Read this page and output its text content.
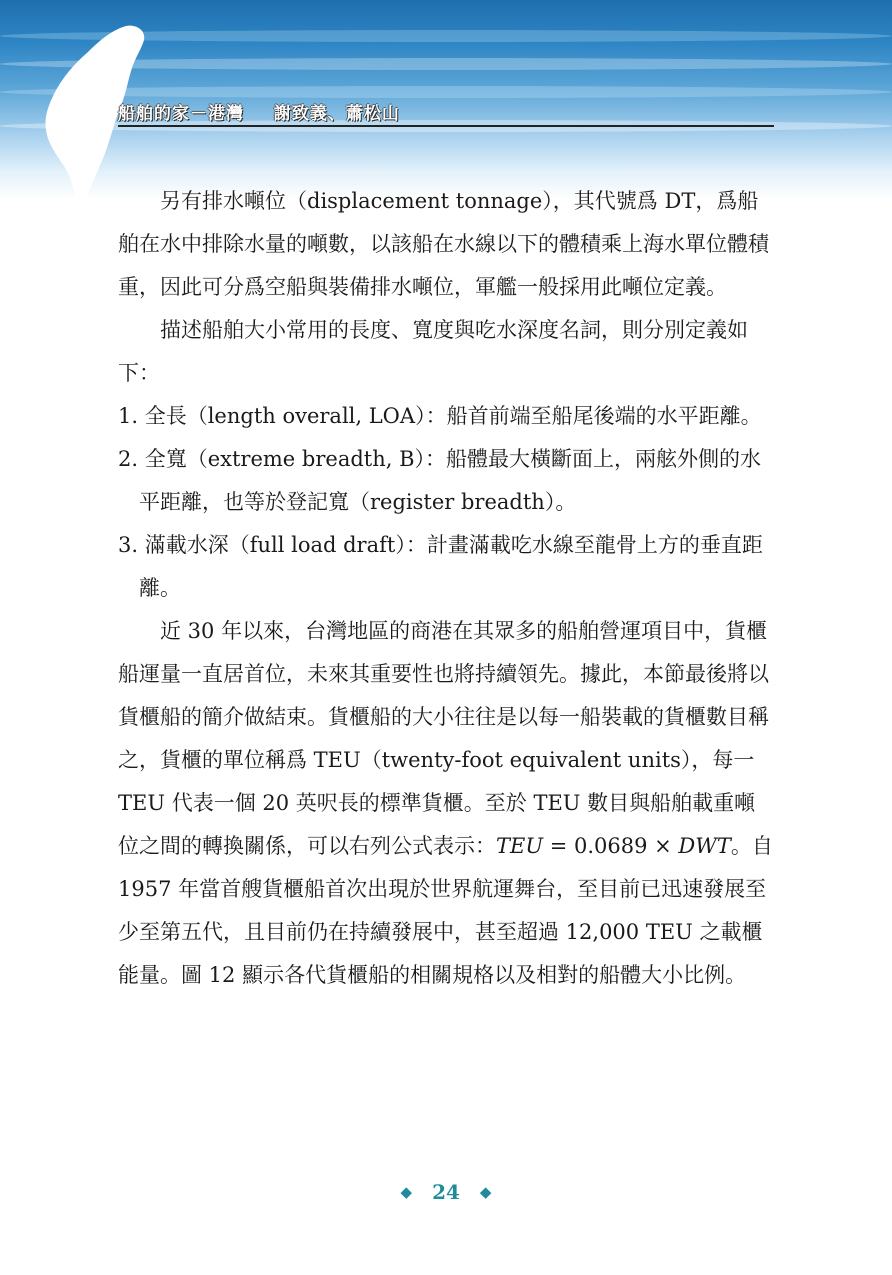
船舶的家－港灣 謝致義、蕭松山

另有排水噸位（displacement tonnage），其代號爲 DT，爲船舶在水中排除水量的噸數，以該船在水線以下的體積乘上海水單位體積重，因此可分爲空船與裝備排水噸位，軍艦一般採用此噸位定義。

描述船舶大小常用的長度、寬度與吃水深度名詞，則分別定義如下：

1. 全長（length overall, LOA）：船首前端至船尾後端的水平距離。

2. 全寬（extreme breadth, B）：船體最大橫斷面上，兩舷外側的水平距離，也等於登記寬（register breadth）。

3. 滿載水深（full load draft）：計畫滿載吃水線至龍骨上方的垂直距離。

近 30 年以來，台灣地區的商港在其眾多的船舶營運項目中，貨櫃船運量一直居首位，未來其重要性也將持續領先。據此，本節最後將以貨櫃船的簡介做結束。貨櫃船的大小往往是以每一船裝載的貨櫃數目稱之，貨櫃的單位稱爲 TEU（twenty-foot equivalent units），每一 TEU 代表一個 20 英呎長的標準貨櫃。至於 TEU 數目與船舶載重噸位之間的轉換關係，可以右列公式表示：TEU = 0.0689 × DWT。自 1957 年當首艘貨櫃船首次出現於世界航運舞台，至目前已迅速發展至少至第五代，且目前仍在持續發展中，甚至超過 12,000 TEU 之載櫃能量。圖 12 顯示各代貨櫃船的相關規格以及相對的船體大小比例。

◆ 24 ◆
